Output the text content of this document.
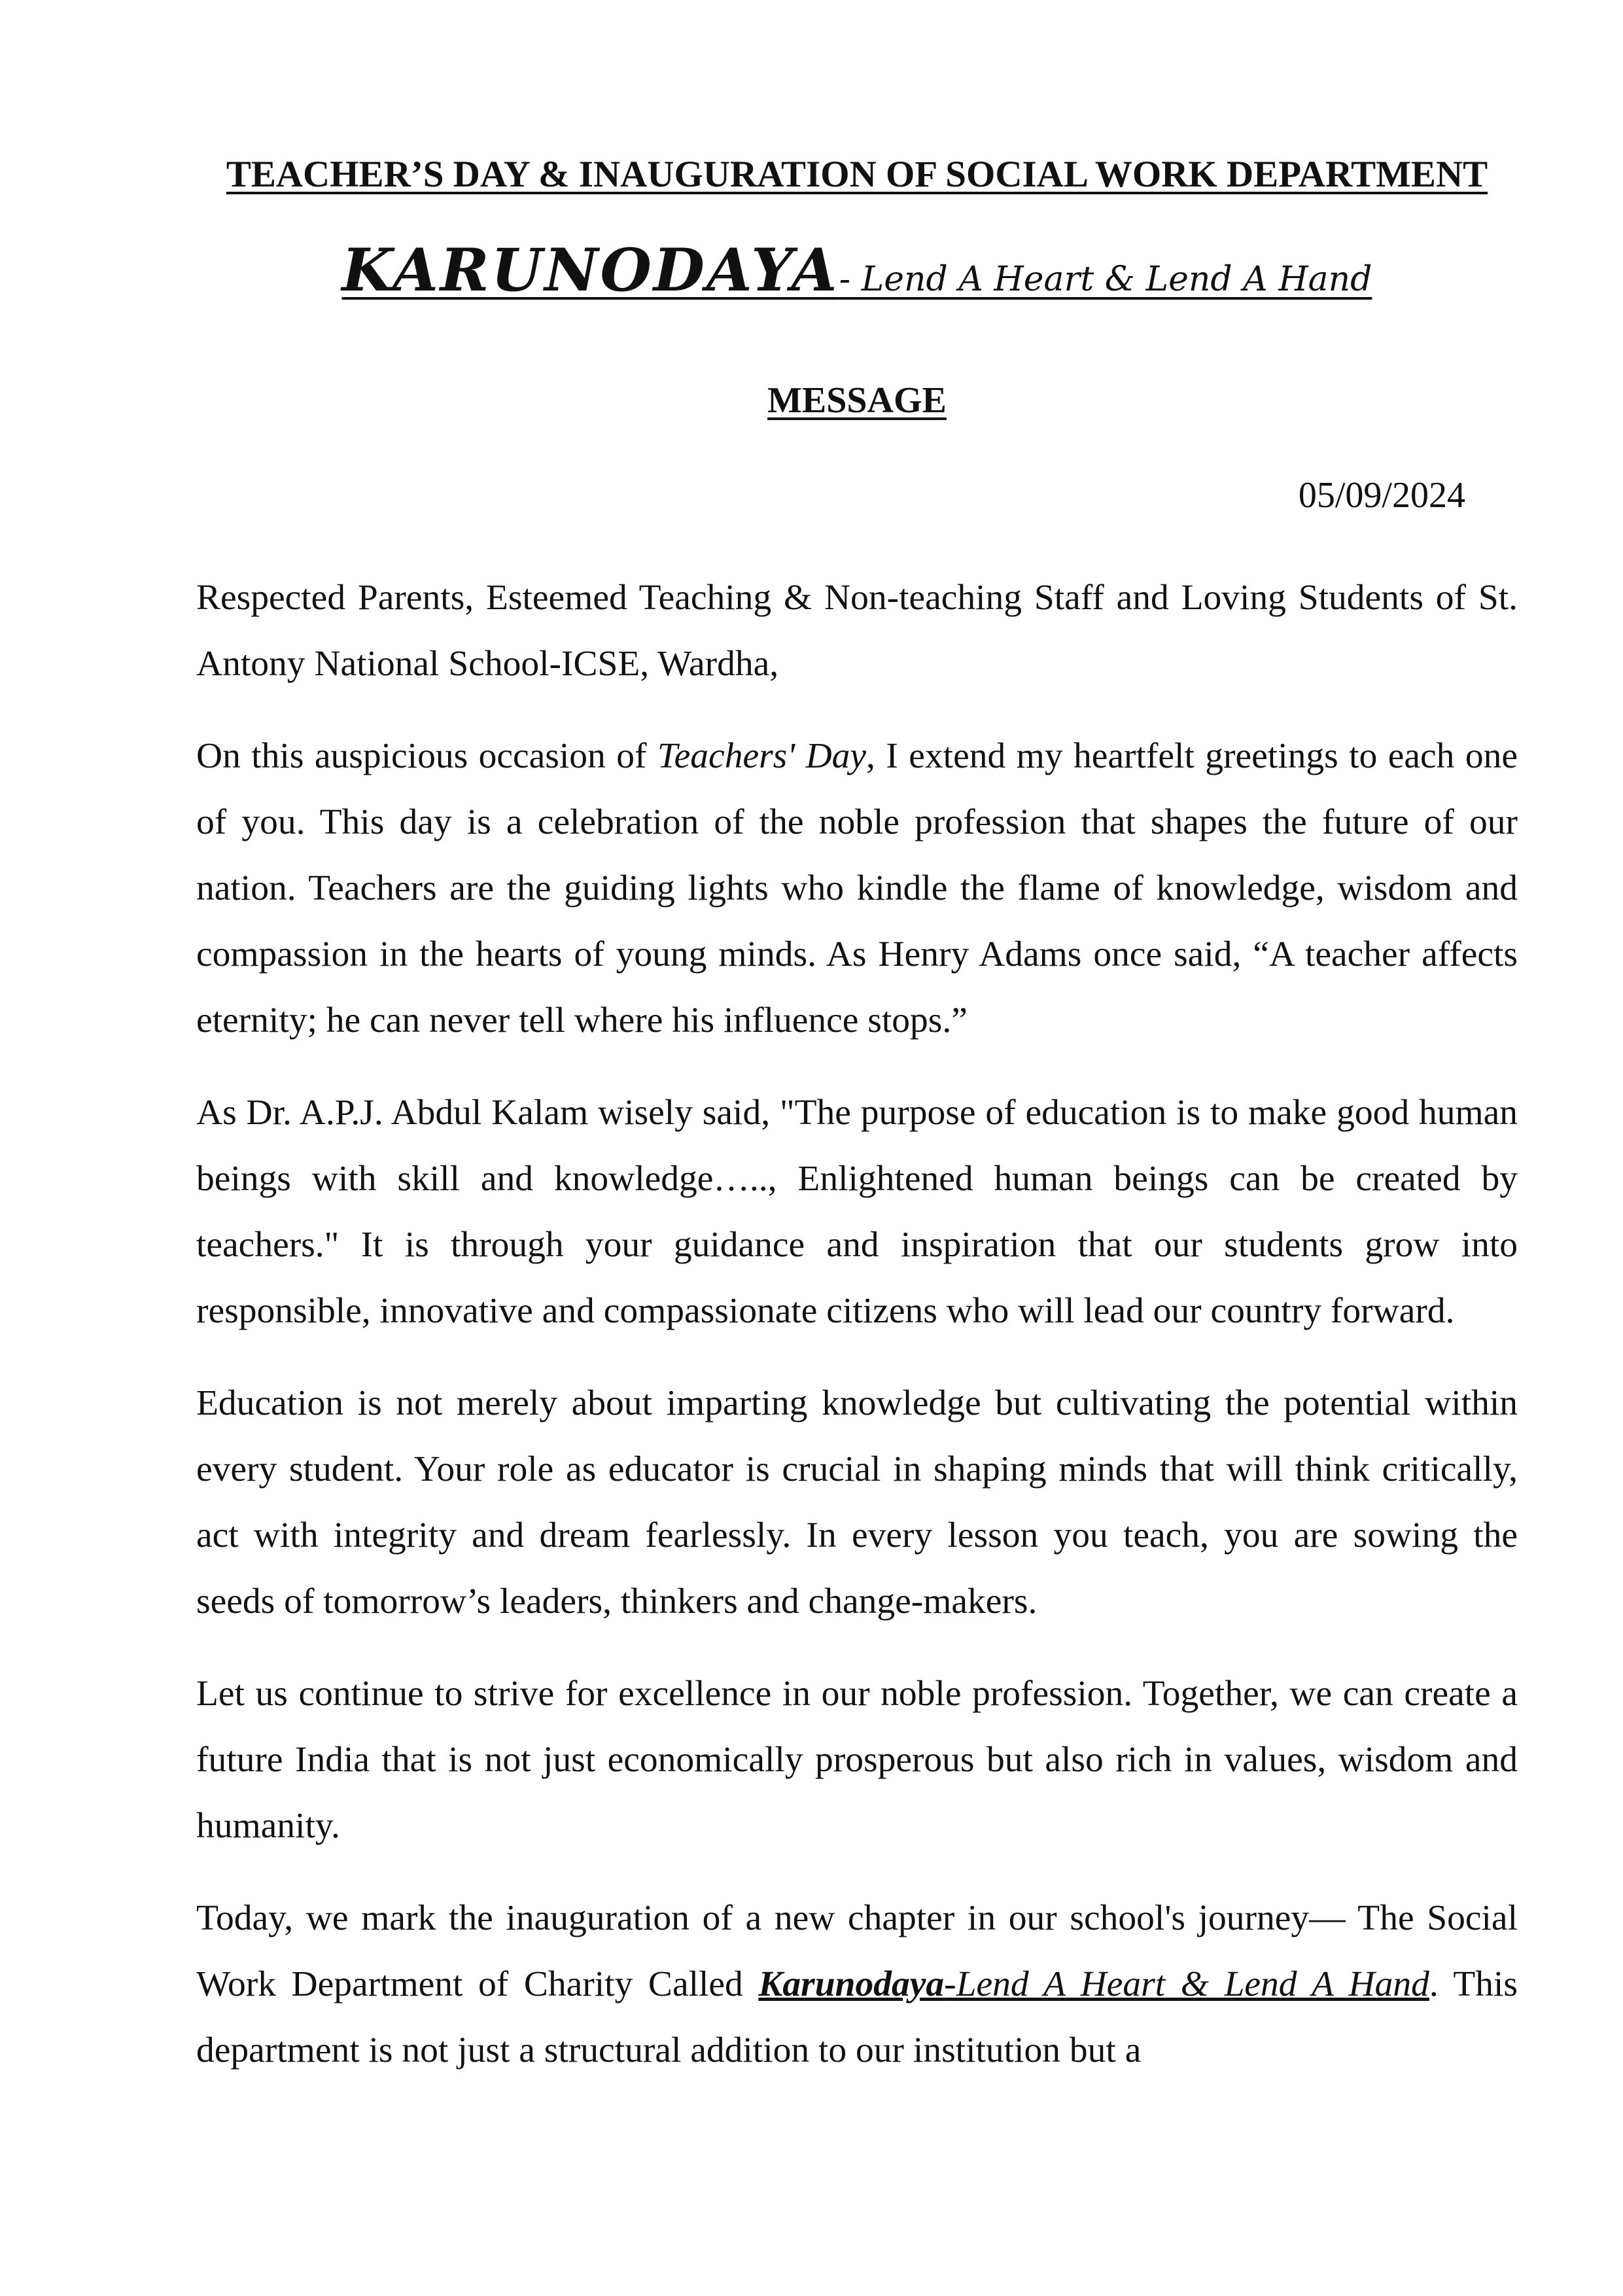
TEACHER’S DAY & INAUGURATION OF SOCIAL WORK DEPARTMENT
KARUNODAYA- Lend A Heart & Lend A Hand
MESSAGE
05/09/2024

Respected Parents, Esteemed Teaching & Non-teaching Staff and Loving Students of St. Antony National School-ICSE, Wardha,

On this auspicious occasion of Teachers' Day, I extend my heartfelt greetings to each one of you. This day is a celebration of the noble profession that shapes the future of our nation. Teachers are the guiding lights who kindle the flame of knowledge, wisdom and compassion in the hearts of young minds. As Henry Adams once said, “A teacher affects eternity; he can never tell where his influence stops.”

As Dr. A.P.J. Abdul Kalam wisely said, "The purpose of education is to make good human beings with skill and knowledge….., Enlightened human beings can be created by teachers." It is through your guidance and inspiration that our students grow into responsible, innovative and compassionate citizens who will lead our country forward.

Education is not merely about imparting knowledge but cultivating the potential within every student. Your role as educator is crucial in shaping minds that will think critically, act with integrity and dream fearlessly. In every lesson you teach, you are sowing the seeds of tomorrow’s leaders, thinkers and change-makers.

Let us continue to strive for excellence in our noble profession. Together, we can create a future India that is not just economically prosperous but also rich in values, wisdom and humanity.

Today, we mark the inauguration of a new chapter in our school's journey— The Social Work Department of Charity Called Karunodaya-Lend A Heart & Lend A Hand. This department is not just a structural addition to our institution but a
